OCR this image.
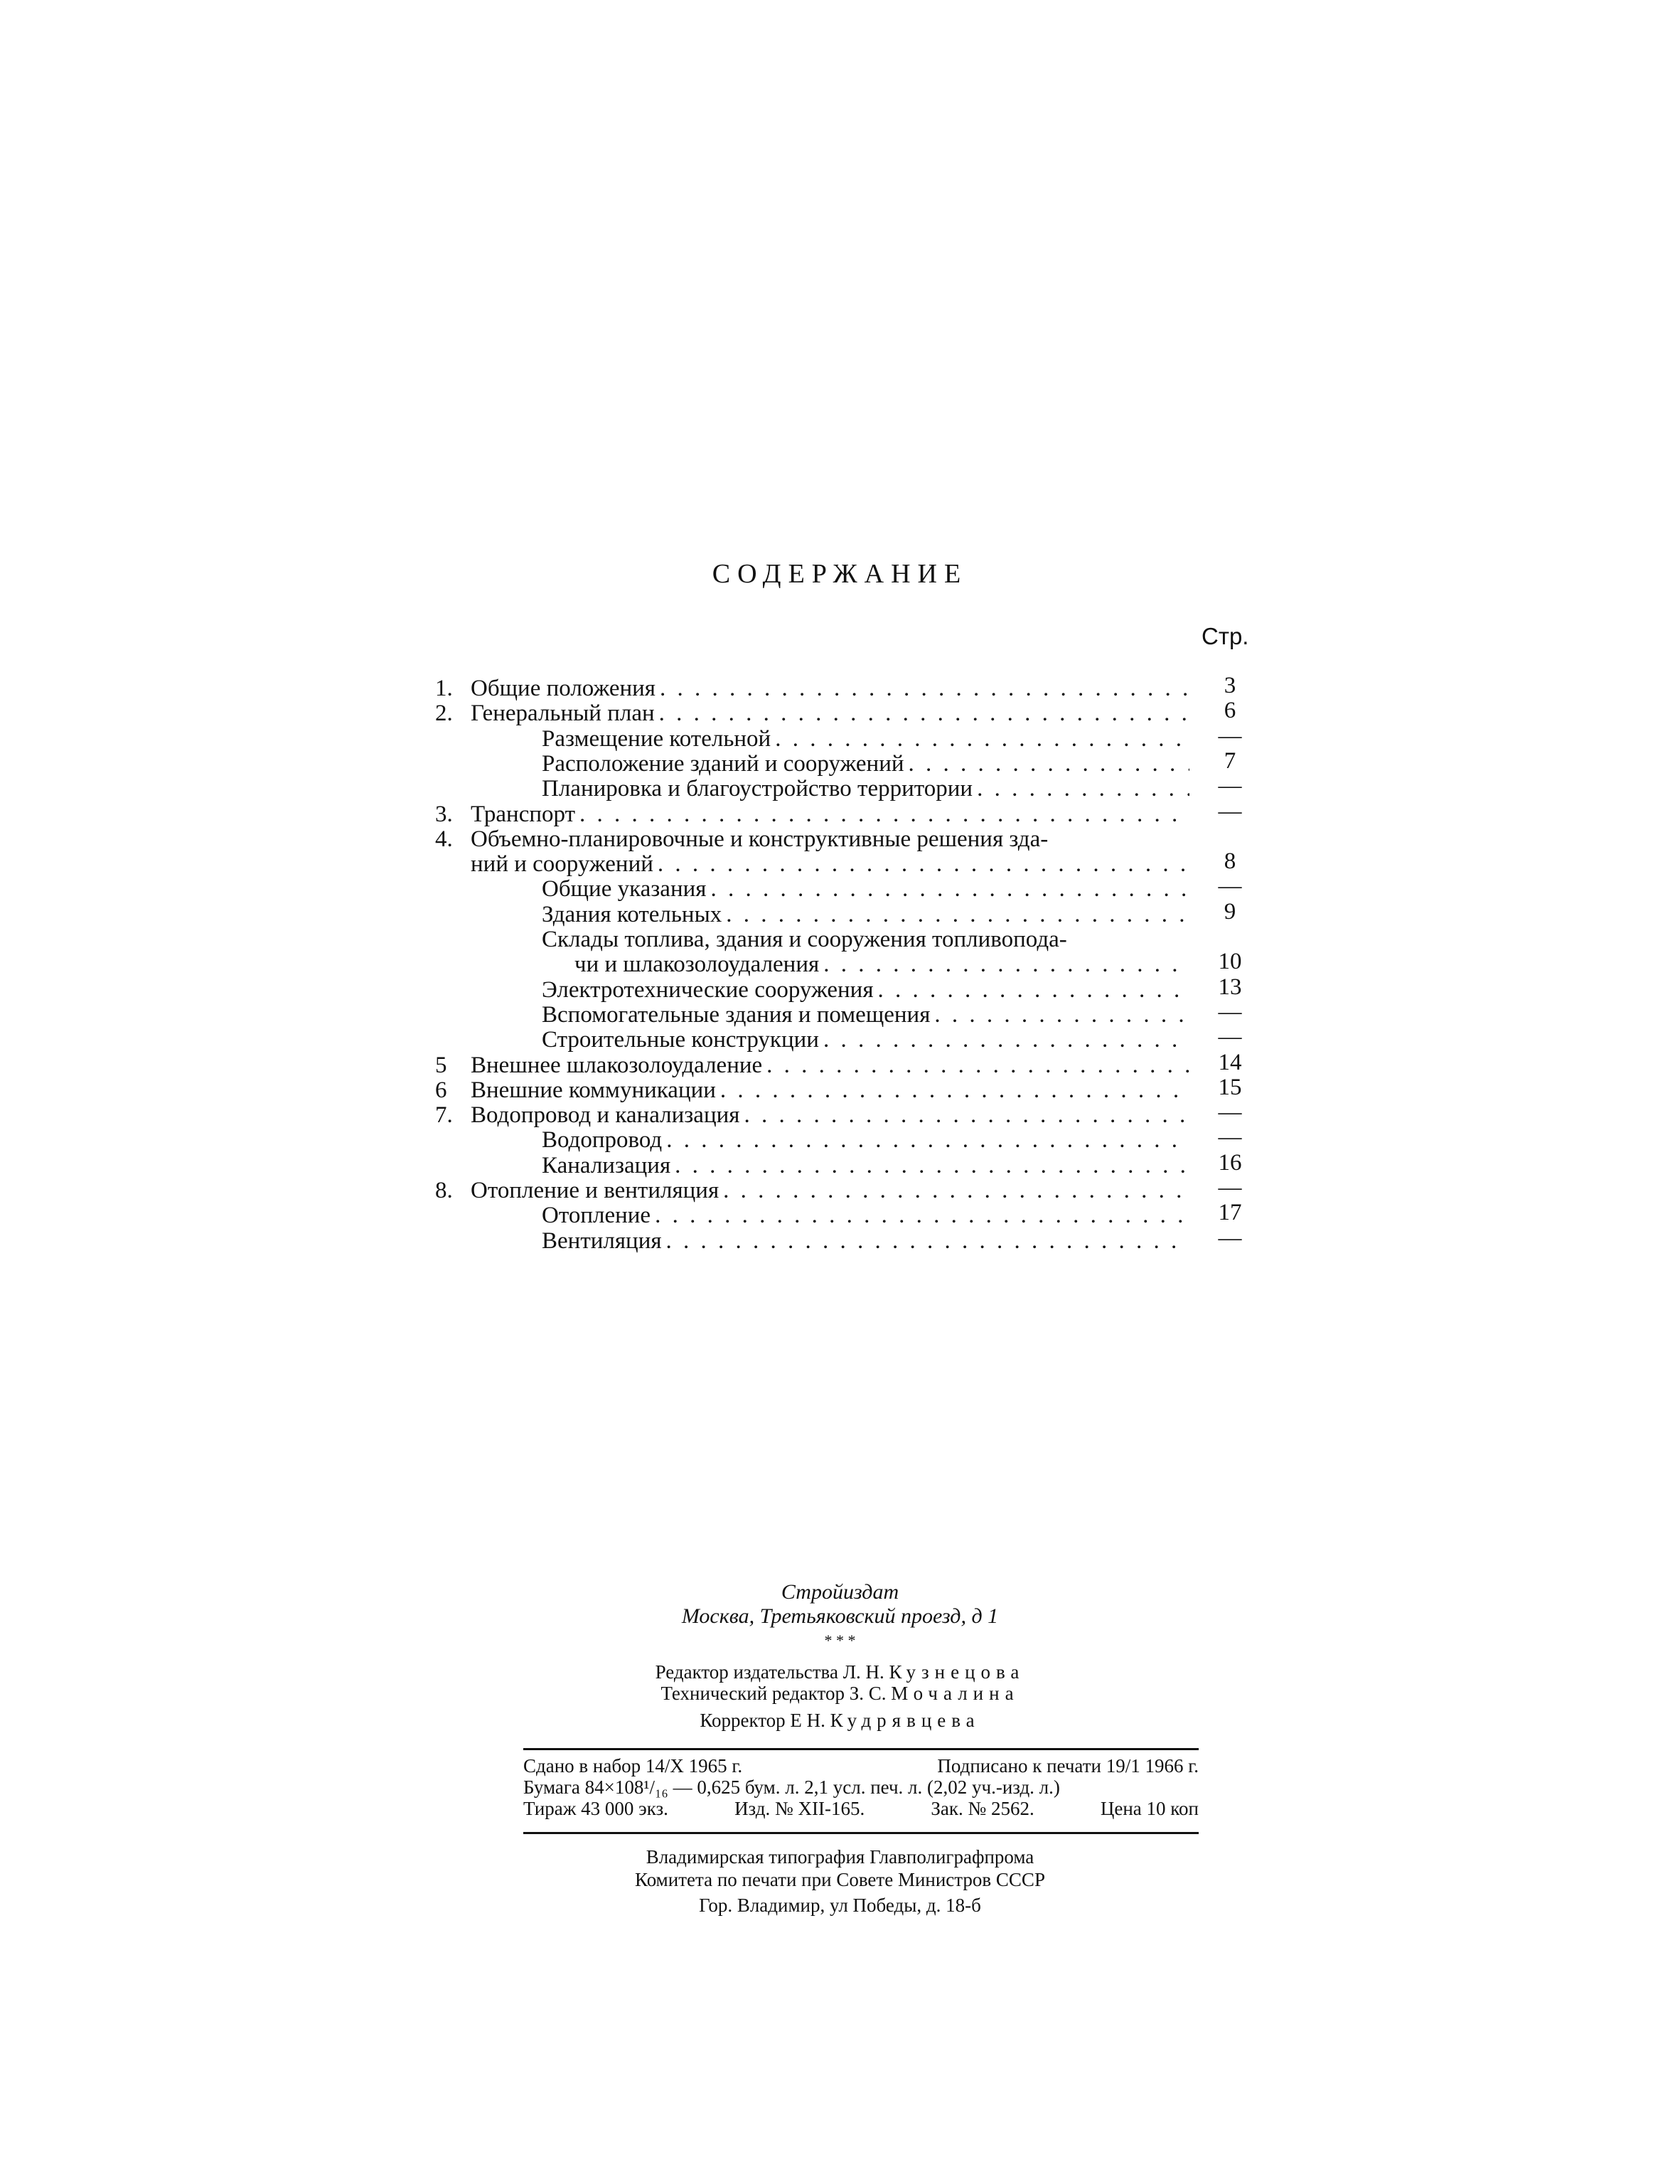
СОДЕРЖАНИЕ
Стр.
1. Общие положения . . .	3
2. Генеральный план . . .	6
Размещение котельной . . .	—
Расположение зданий и сооружений . . .	7
Планировка и благоустройство территории . . .	—
3. Транспорт . . .	—
4. Объемно-планировочные и конструктивные решения зда-
ний и сооружений . . .	8
Общие указания . . .	—
Здания котельных . . .	9
Склады топлива, здания и сооружения топливопода-
чи и шлакозолоудаления . . .	10
Электротехнические сооружения . . .	13
Вспомогательные здания и помещения . . .	—
Строительные конструкции . . .	—
5 Внешнее шлакозолоудаление . . .	14
6 Внешние коммуникации . . .	15
7. Водопровод и канализация . . .	—
Водопровод . . .	—
Канализация . . .	16
8. Отопление и вентиляция . . .	—
Отопление . . .	17
Вентиляция . . .	—
Стройиздат
Москва, Третьяковский проезд, д 1
* * *
Редактор издательства Л. Н. Кузнецова
Технический редактор З. С. Мочалина
Корректор Е Н. Кудрявцева
Сдано в набор 14/Х 1965 г.	Подписано к печати 19/1 1966 г.
Бумага 84×108¹/₁₆ — 0,625 бум. л. 2,1 усл. печ. л. (2,02 уч.-изд. л.)
Тираж 43 000 экз.	Изд. № XII-165.	Зак. № 2562.	Цена 10 коп
Владимирская типография Главполиграфпрома
Комитета по печати при Совете Министров СССР
Гор. Владимир, ул Победы, д. 18-б
